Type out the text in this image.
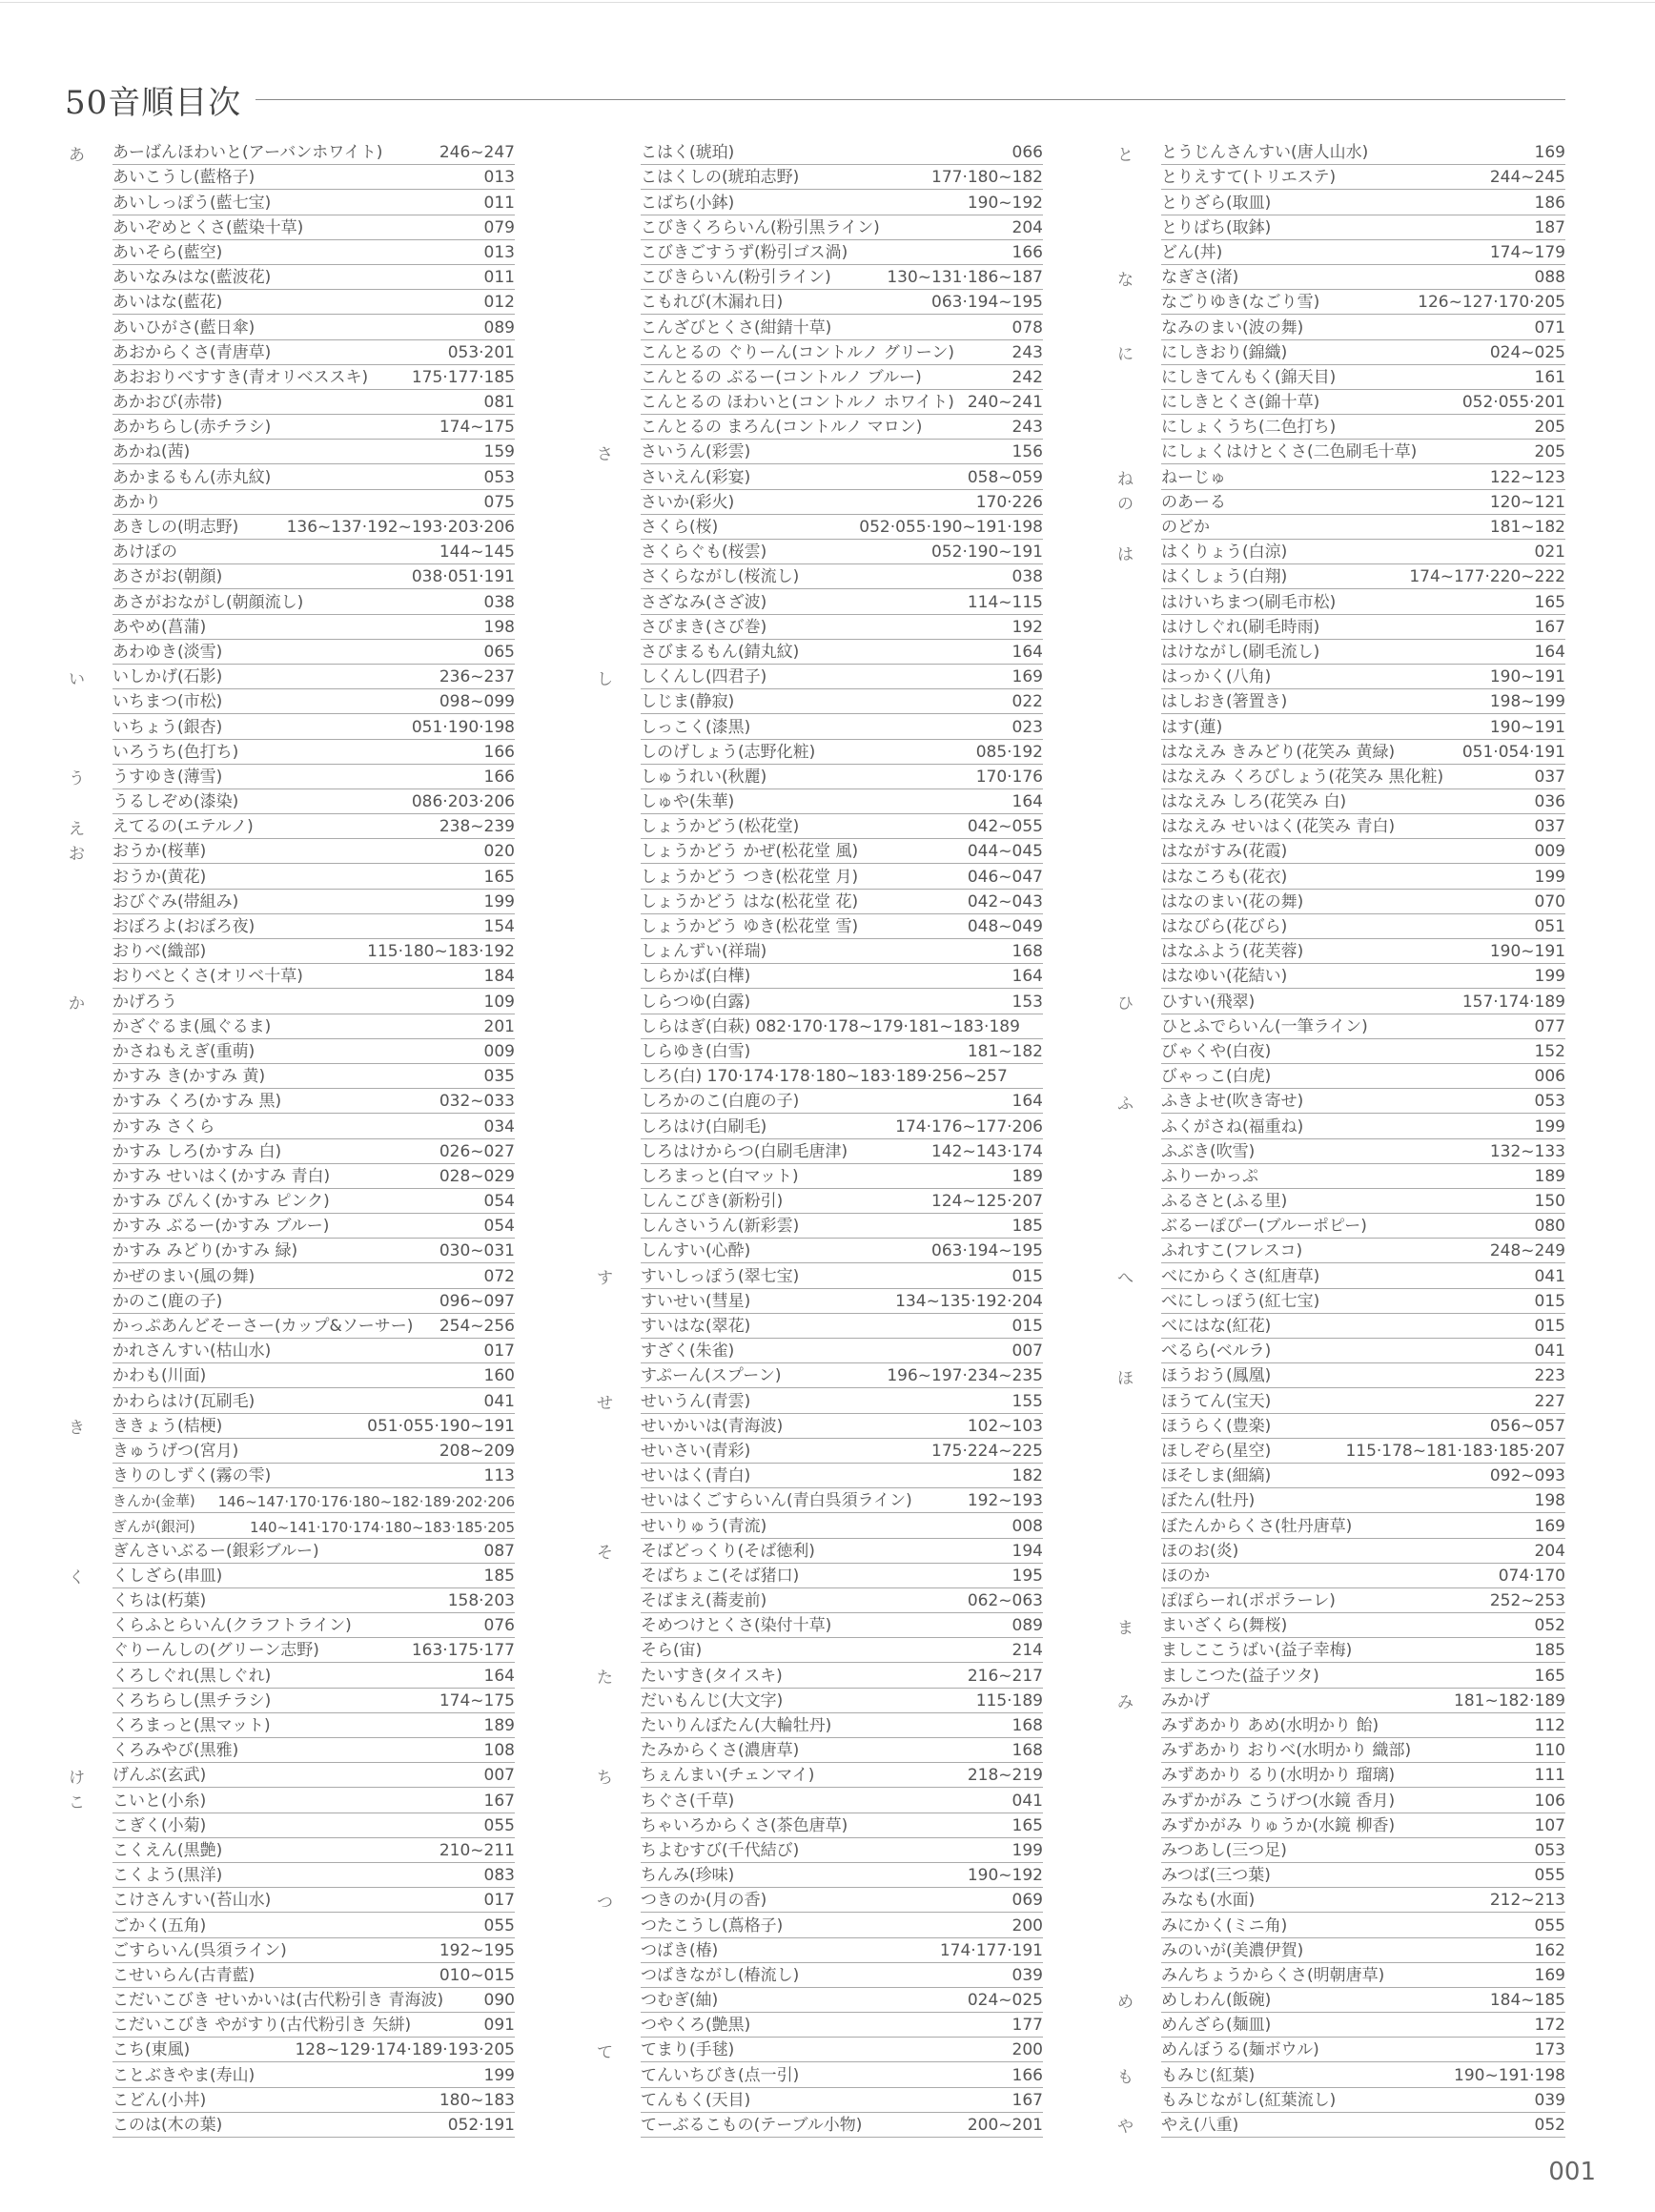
50音順目次
あ	あーばんほわいと(アーバンホワイト)	246~247
あいこうし(藍格子)	013
あいしっぽう(藍七宝)	011
あいぞめとくさ(藍染十草)	079
あいそら(藍空)	013
あいなみはな(藍波花)	011
あいはな(藍花)	012
あいひがさ(藍日傘)	089
あおからくさ(青唐草)	053·201
あおおりべすすき(青オリベススキ)	175·177·185
あかおび(赤帯)	081
あかちらし(赤チラシ)	174~175
あかね(茜)	159
あかまるもん(赤丸紋)	053
あかり	075
あきしの(明志野)	136~137·192~193·203·206
あけぼの	144~145
あさがお(朝顔)	038·051·191
あさがおながし(朝顔流し)	038
あやめ(菖蒲)	198
あわゆき(淡雪)	065
い	いしかげ(石影)	236~237
いちまつ(市松)	098~099
いちょう(銀杏)	051·190·198
いろうち(色打ち)	166
う	うすゆき(薄雪)	166
うるしぞめ(漆染)	086·203·206
え	えてるの(エテルノ)	238~239
お	おうか(桜華)	020
おうか(黄花)	165
おびぐみ(帯組み)	199
おぼろよ(おぼろ夜)	154
おりべ(織部)	115·180~183·192
おりべとくさ(オリベ十草)	184
か	かげろう	109
かざぐるま(風ぐるま)	201
かさねもえぎ(重萌)	009
かすみ き(かすみ 黄)	035
かすみ くろ(かすみ 黒)	032~033
かすみ さくら	034
かすみ しろ(かすみ 白)	026~027
かすみ せいはく(かすみ 青白)	028~029
かすみ ぴんく(かすみ ピンク)	054
かすみ ぶるー(かすみ ブルー)	054
かすみ みどり(かすみ 緑)	030~031
かぜのまい(風の舞)	072
かのこ(鹿の子)	096~097
かっぷあんどそーさー(カップ&ソーサー) 254~256
かれさんすい(枯山水)	017
かわも(川面)	160
かわらはけ(瓦刷毛)	041
き	ききょう(桔梗)	051·055·190~191
きゅうげつ(宮月)	208~209
きりのしずく(霧の雫)	113
きんか(金華) 146~147·170·176·180~182·189·202·206
ぎんが(銀河)	140~141·170·174·180~183·185·205
ぎんさいぶるー(銀彩ブルー)	087
く	くしざら(串皿)	185
くちは(朽葉)	158·203
くらふとらいん(クラフトライン)	076
ぐりーんしの(グリーン志野)	163·175·177
くろしぐれ(黒しぐれ)	164
くろちらし(黒チラシ)	174~175
くろまっと(黒マット)	189
くろみやび(黒雅)	108
け	げんぶ(玄武)	007
こ	こいと(小糸)	167
こぎく(小菊)	055
こくえん(黒艶)	210~211
こくよう(黒洋)	083
こけさんすい(苔山水)	017
ごかく(五角)	055
ごすらいん(呉須ライン)	192~195
こせいらん(古青藍)	010~015
こだいこびき せいかいは(古代粉引き 青海波) 090
こだいこびき やがすり(古代粉引き 矢絣)	091
こち(東風)	128~129·174·189·193·205
ことぶきやま(寿山)	199
こどん(小丼)	180~183
このは(木の葉)	052·191
こはく(琥珀)	066
こはくしの(琥珀志野)	177·180~182
こばち(小鉢)	190~192
こびきくろらいん(粉引黒ライン)	204
こびきごすうず(粉引ゴス渦)	166
こびきらいん(粉引ライン)	130~131·186~187
こもれび(木漏れ日)	063·194~195
こんざびとくさ(紺錆十草)	078
こんとるの ぐりーん(コントルノ グリーン)	243
こんとるの ぶるー(コントルノ ブルー)	242
こんとるの ほわいと(コントルノ ホワイト) 240~241
こんとるの まろん(コントルノ マロン)	243
さ	さいうん(彩雲)	156
さいえん(彩宴)	058~059
さいか(彩火)	170·226
さくら(桜)	052·055·190~191·198
さくらぐも(桜雲)	052·190~191
さくらながし(桜流し)	038
さざなみ(さざ波)	114~115
さびまき(さび巻)	192
さびまるもん(錆丸紋)	164
し	しくんし(四君子)	169
しじま(静寂)	022
しっこく(漆黒)	023
しのげしょう(志野化粧)	085·192
しゅうれい(秋麗)	170·176
しゅや(朱華)	164
しょうかどう(松花堂)	042~055
しょうかどう かぜ(松花堂 風)	044~045
しょうかどう つき(松花堂 月)	046~047
しょうかどう はな(松花堂 花)	042~043
しょうかどう ゆき(松花堂 雪)	048~049
しょんずい(祥瑞)	168
しらかば(白樺)	164
しらつゆ(白露)	153
しらはぎ(白萩) 082·170·178~179·181~183·189
しらゆき(白雪)	181~182
しろ(白) 170·174·178·180~183·189·256~257
しろかのこ(白鹿の子)	164
しろはけ(白刷毛)	174·176~177·206
しろはけからつ(白刷毛唐津)	142~143·174
しろまっと(白マット)	189
しんこびき(新粉引)	124~125·207
しんさいうん(新彩雲)	185
しんすい(心酔)	063·194~195
す	すいしっぽう(翠七宝)	015
すいせい(彗星)	134~135·192·204
すいはな(翠花)	015
すざく(朱雀)	007
すぷーん(スプーン)	196~197·234~235
せ	せいうん(青雲)	155
せいかいは(青海波)	102~103
せいさい(青彩)	175·224~225
せいはく(青白)	182
せいはくごすらいん(青白呉須ライン)	192~193
せいりゅう(青流)	008
そ	そばどっくり(そば徳利)	194
そばちょこ(そば猪口)	195
そばまえ(蕎麦前)	062~063
そめつけとくさ(染付十草)	089
そら(宙)	214
た	たいすき(タイスキ)	216~217
だいもんじ(大文字)	115·189
たいりんぼたん(大輪牡丹)	168
たみからくさ(濃唐草)	168
ち	ちぇんまい(チェンマイ)	218~219
ちぐさ(千草)	041
ちゃいろからくさ(茶色唐草)	165
ちよむすび(千代結び)	199
ちんみ(珍味)	190~192
つ	つきのか(月の香)	069
つたこうし(蔦格子)	200
つばき(椿)	174·177·191
つばきながし(椿流し)	039
つむぎ(紬)	024~025
つやくろ(艶黒)	177
て	てまり(手毬)	200
てんいちびき(点一引)	166
てんもく(天目)	167
てーぶるこもの(テーブル小物)	200~201
と	とうじんさんすい(唐人山水)	169
とりえすて(トリエステ)	244~245
とりざら(取皿)	186
とりばち(取鉢)	187
どん(丼)	174~179
な	なぎさ(渚)	088
なごりゆき(なごり雪)	126~127·170·205
なみのまい(波の舞)	071
に	にしきおり(錦織)	024~025
にしきてんもく(錦天目)	161
にしきとくさ(錦十草)	052·055·201
にしょくうち(二色打ち)	205
にしょくはけとくさ(二色刷毛十草)	205
ね	ねーじゅ	122~123
の	のあーる	120~121
のどか	181~182
は	はくりょう(白涼)	021
はくしょう(白翔)	174~177·220~222
はけいちまつ(刷毛市松)	165
はけしぐれ(刷毛時雨)	167
はけながし(刷毛流し)	164
はっかく(八角)	190~191
はしおき(箸置き)	198~199
はす(蓮)	190~191
はなえみ きみどり(花笑み 黄緑)	051·054·191
はなえみ くろびしょう(花笑み 黒化粧)	037
はなえみ しろ(花笑み 白)	036
はなえみ せいはく(花笑み 青白)	037
はながすみ(花霞)	009
はなころも(花衣)	199
はなのまい(花の舞)	070
はなびら(花びら)	051
はなふよう(花芙蓉)	190~191
はなゆい(花結い)	199
ひ	ひすい(飛翠)	157·174·189
ひとふでらいん(一筆ライン)	077
びゃくや(白夜)	152
びゃっこ(白虎)	006
ふ	ふきよせ(吹き寄せ)	053
ふくがさね(福重ね)	199
ふぶき(吹雪)	132~133
ふりーかっぷ	189
ふるさと(ふる里)	150
ぶるーぽぴー(ブルーポピー)	080
ふれすこ(フレスコ)	248~249
へ	べにからくさ(紅唐草)	041
べにしっぽう(紅七宝)	015
べにはな(紅花)	015
べるら(ベルラ)	041
ほ	ほうおう(鳳凰)	223
ほうてん(宝天)	227
ほうらく(豊楽)	056~057
ほしぞら(星空)	115·178~181·183·185·207
ほそしま(細縞)	092~093
ぼたん(牡丹)	198
ぼたんからくさ(牡丹唐草)	169
ほのお(炎)	204
ほのか	074·170
ぽぽらーれ(ポポラーレ)	252~253
ま	まいざくら(舞桜)	052
ましここうばい(益子幸梅)	185
ましこつた(益子ツタ)	165
み	みかげ	181~182·189
みずあかり あめ(水明かり 飴)	112
みずあかり おりべ(水明かり 織部)	110
みずあかり るり(水明かり 瑠璃)	111
みずかがみ こうげつ(水鏡 香月)	106
みずかがみ りゅうか(水鏡 柳香)	107
みつあし(三つ足)	053
みつば(三つ葉)	055
みなも(水面)	212~213
みにかく(ミニ角)	055
みのいが(美濃伊賀)	162
みんちょうからくさ(明朝唐草)	169
め	めしわん(飯碗)	184~185
めんざら(麺皿)	172
めんぼうる(麺ボウル)	173
も	もみじ(紅葉)	190~191·198
もみじながし(紅葉流し)	039
や	やえ(八重)	052
001
